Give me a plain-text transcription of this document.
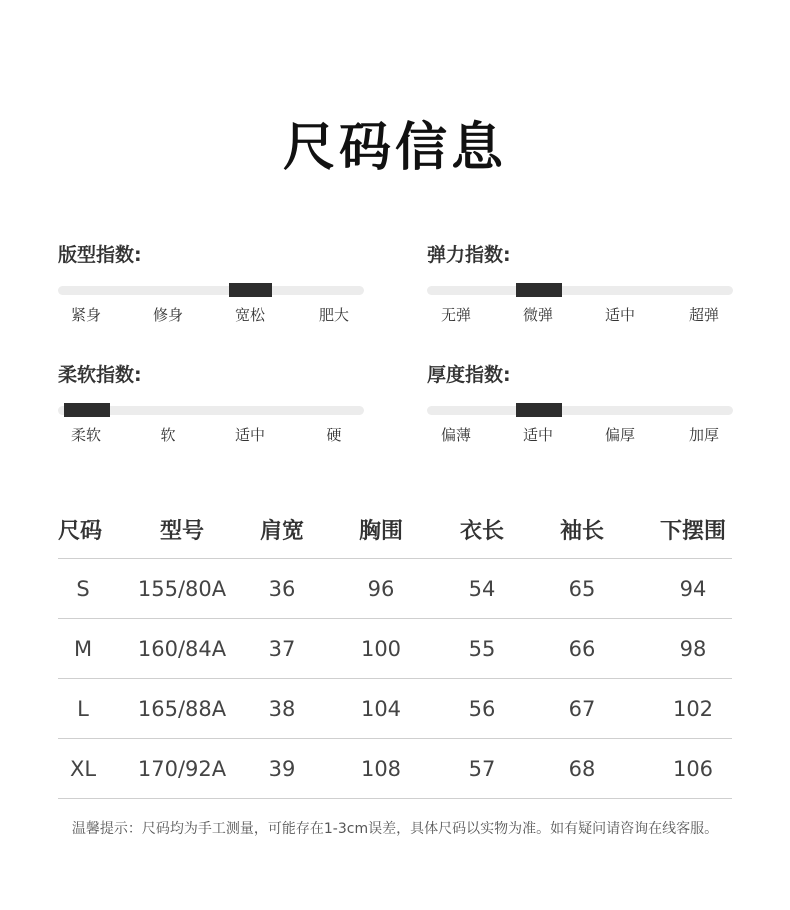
尺码信息
版型指数:
紧身	修身	宽松	肥大
弹力指数:
无弹	微弹	适中	超弹
柔软指数:
柔软	软	适中	硬
厚度指数:
偏薄	适中	偏厚	加厚
尺码	型号	肩宽	胸围	衣长	袖长	下摆围
S	155/80A	36	96	54	65	94
M	160/84A	37	100	55	66	98
L	165/88A	38	104	56	67	102
XL	170/92A	39	108	57	68	106
温馨提示：尺码均为手工测量，可能存在1-3cm误差，具体尺码以实物为准。如有疑问请咨询在线客服。
